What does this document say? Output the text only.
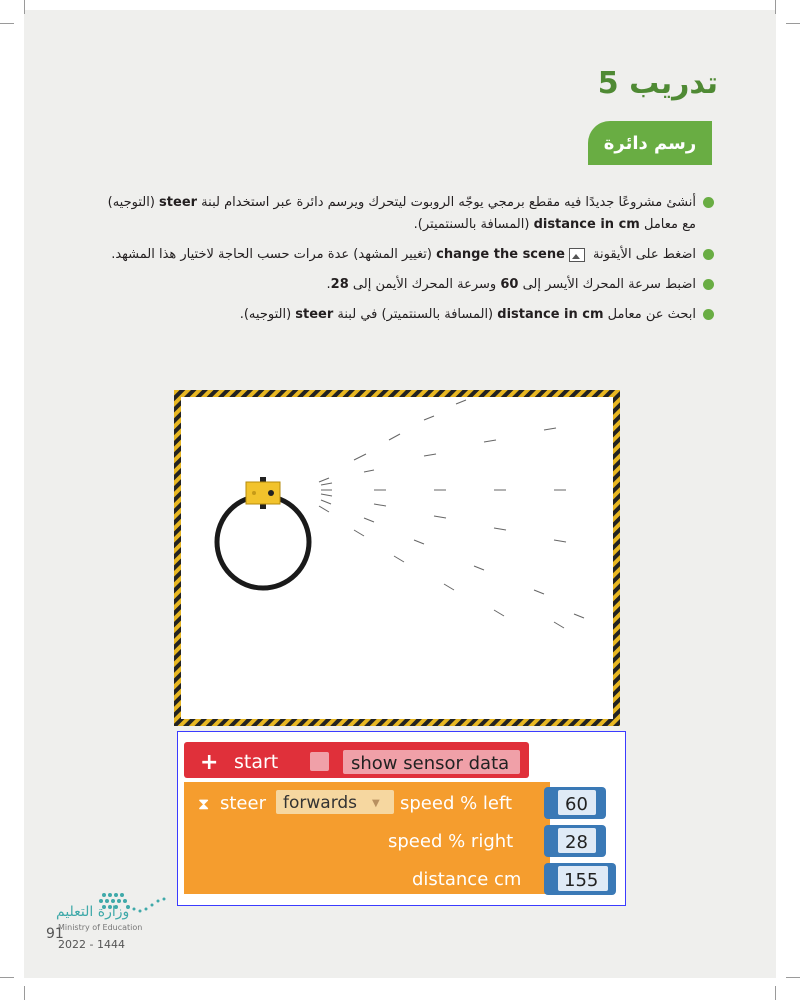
تدريب 5
رسم دائرة
أنشئ مشروعًا جديدًا فيه مقطع برمجي يوجّه الروبوت ليتحرك ويرسم دائرة عبر استخدام لبنة steer (التوجيه) مع معامل distance in cm (المسافة بالسنتميتر).
اضغط على الأيقونة change the scene (تغيير المشهد) عدة مرات حسب الحاجة لاختيار هذا المشهد.
اضبط سرعة المحرك الأيسر إلى 60 وسرعة المحرك الأيمن إلى 28.
ابحث عن معامل distance in cm (المسافة بالسنتميتر) في لبنة steer (التوجيه).
+ start	show sensor data
⧗ steer forwards ▼ speed % left
speed % right
distance cm
60
28
155
وزارة التعليم
Ministry of Education
91
2022 - 1444
